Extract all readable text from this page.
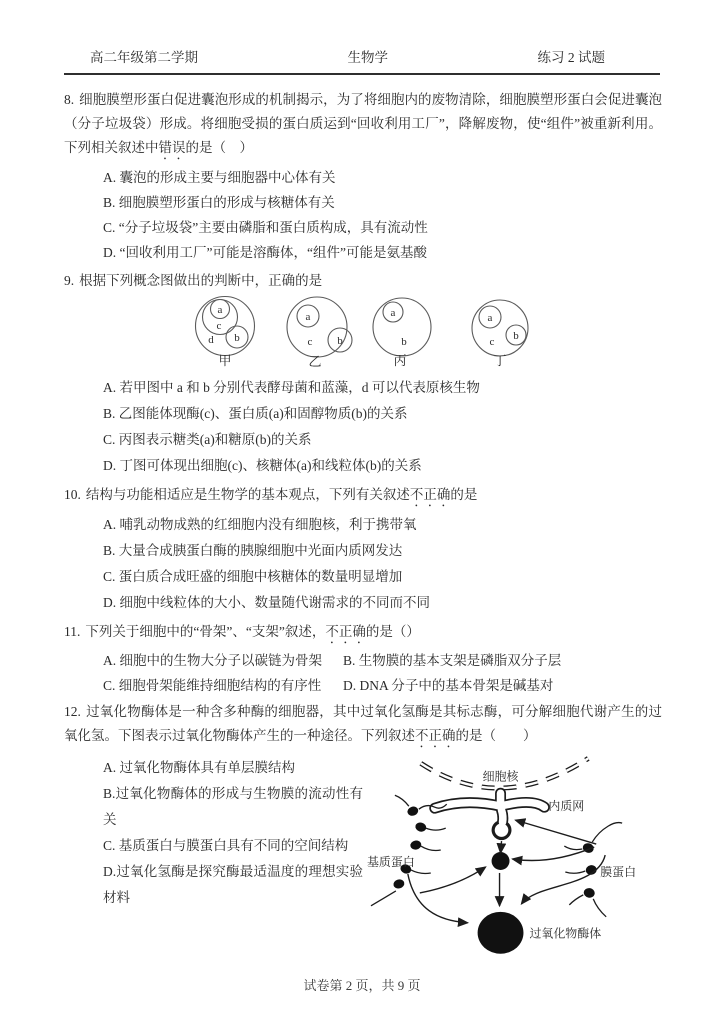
高二年级第二学期	生物学	练习 2 试题

8. 细胞膜塑形蛋白促进囊泡形成的机制揭示，为了将细胞内的废物清除，细胞膜塑形蛋白会促进囊泡（分子垃圾袋）形成。将细胞受损的蛋白质运到“回收利用工厂”，降解废物，使“组件”被重新利用。下列相关叙述中错误的是（　）

A. 囊泡的形成主要与细胞器中心体有关
B. 细胞膜塑形蛋白的形成与核糖体有关
C. “分子垃圾袋”主要由磷脂和蛋白质构成，具有流动性
D. “回收利用工厂”可能是溶酶体，“组件”可能是氨基酸

9. 根据下列概念图做出的判断中，正确的是

a
c
d b
a
c b
a
b
a
c b
甲	乙	丙	丁
A. 若甲图中 a 和 b 分别代表酵母菌和蓝藻，d 可以代表原核生物
B. 乙图能体现酶(c)、蛋白质(a)和固醇物质(b)的关系
C. 丙图表示糖类(a)和糖原(b)的关系
D. 丁图可体现出细胞(c)、核糖体(a)和线粒体(b)的关系

10. 结构与功能相适应是生物学的基本观点，下列有关叙述不正确的是

A. 哺乳动物成熟的红细胞内没有细胞核，利于携带氧
B. 大量合成胰蛋白酶的胰腺细胞中光面内质网发达
C. 蛋白质合成旺盛的细胞中核糖体的数量明显增加
D. 细胞中线粒体的大小、数量随代谢需求的不同而不同

11. 下列关于细胞中的“骨架”、“支架”叙述，不正确的是（）

A. 细胞中的生物大分子以碳链为骨架	B. 生物膜的基本支架是磷脂双分子层
C. 细胞骨架能维持细胞结构的有序性	D. DNA 分子中的基本骨架是碱基对

12. 过氧化物酶体是一种含多种酶的细胞器，其中过氧化氢酶是其标志酶，可分解细胞代谢产生的过氧化氢。下图表示过氧化物酶体产生的一种途径。下列叙述不正确的是（　　）

A. 过氧化物酶体具有单层膜结构
B.过氧化物酶体的形成与生物膜的流动性有关
C. 基质蛋白与膜蛋白具有不同的空间结构
D.过氧化氢酶是探究酶最适温度的理想实验材料
细胞核
内质网
基质蛋白
膜蛋白
过氧化物酶体
试卷第 2 页，共 9 页
